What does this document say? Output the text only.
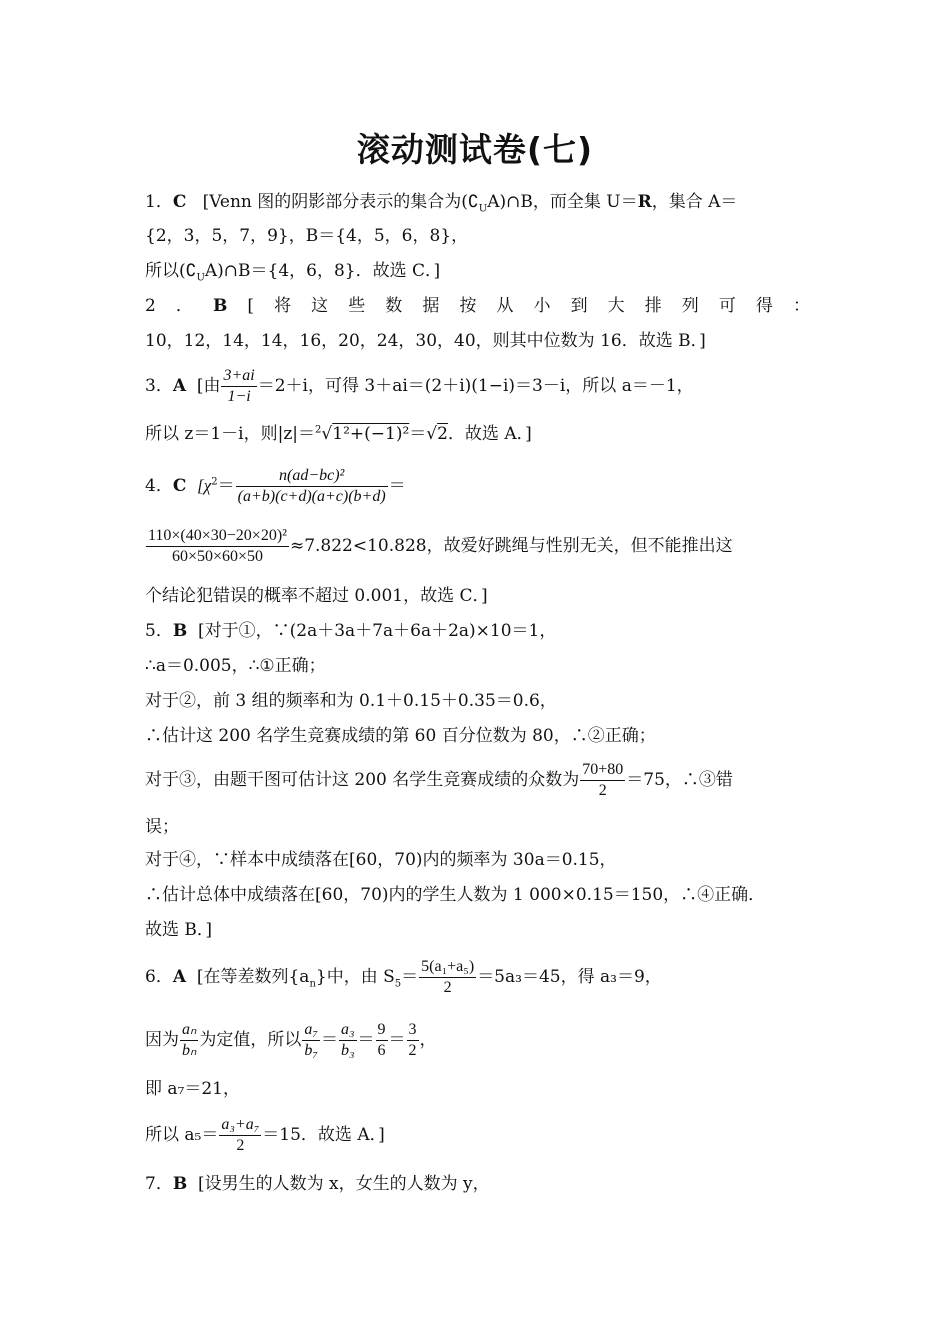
滚动测试卷(七)
1．C [Venn 图的阴影部分表示的集合为$(∁_UA)\cap B$，而全集 U＝R，集合 A＝
{2，3，5，7，9}，B＝{4，5，6，8}，
所以$(∁_UA)\cap B=\{4$，6，8}．故选 C．]
2 ． B [ 将 这 些 数 据 按 从 小 到 大 排 列 可 得 ：
10，12，14，14，16，20，24，30，40，则其中位数为 16．故选 B．]
3．A [由 $\frac{3+ai}{1-i} =2+i$，可得 3＋ai＝(2＋i)(1−i)＝3－i，所以 a＝－1，
所以 z＝1－i，则|z|＝$^2$√1²+(−1)²＝√2．故选 A．]
4．C [$\chi^2= \frac{\text{n(ad−bc)²}}{(a+b)(c+d)(a+c)(b+d)}$ ＝
$\frac{\text{110×(40×30−20×20)²}}{60\times 50\times 60\times 50} \approx 7.822<10.828$，故爱好跳绳与性别无关，但不能推出这
个结论犯错误的概率不超过 0.001，故选 C．]
5．B [对于①，∵(2a＋3a＋7a＋6a＋2a)×10＝1，
∴a＝0.005，∴①正确；
对于②，前 3 组的频率和为 0.1＋0.15＋0.35＝0.6，
∴估计这 200 名学生竞赛成绩的第 60 百分位数为 80，∴②正确；
对于③，由题干图可估计这 200 名学生竞赛成绩的众数为 $\frac{70+80}{2} =75$，∴③错
误；
对于④，∵样本中成绩落在[60，70)内的频率为 30a＝0.15，
∴估计总体中成绩落在[60，70)内的学生人数为 1 000×0.15＝150，∴④正确．
故选 B．]
6．A [在等差数列$\{a_n\}$中，由 $S_5= \frac{\text{5(a₁+a₅)}}{2} =5a_3=45$，得 a₃＝9，
因为 $\frac{\text{aₙ}}{\text{bₙ}}$ 为定值，所以 $\frac{\text{a₇}}{\text{b₇}} = \frac{\text{a₃}}{\text{b₃}} = \frac{9}{6} = \frac{3}{2}$ ，
即 a₇＝21，
所以 $a_5= \frac{\text{a₃+a₇}}{2} =15$．故选 A．]
7．B [设男生的人数为 x，女生的人数为 y，
